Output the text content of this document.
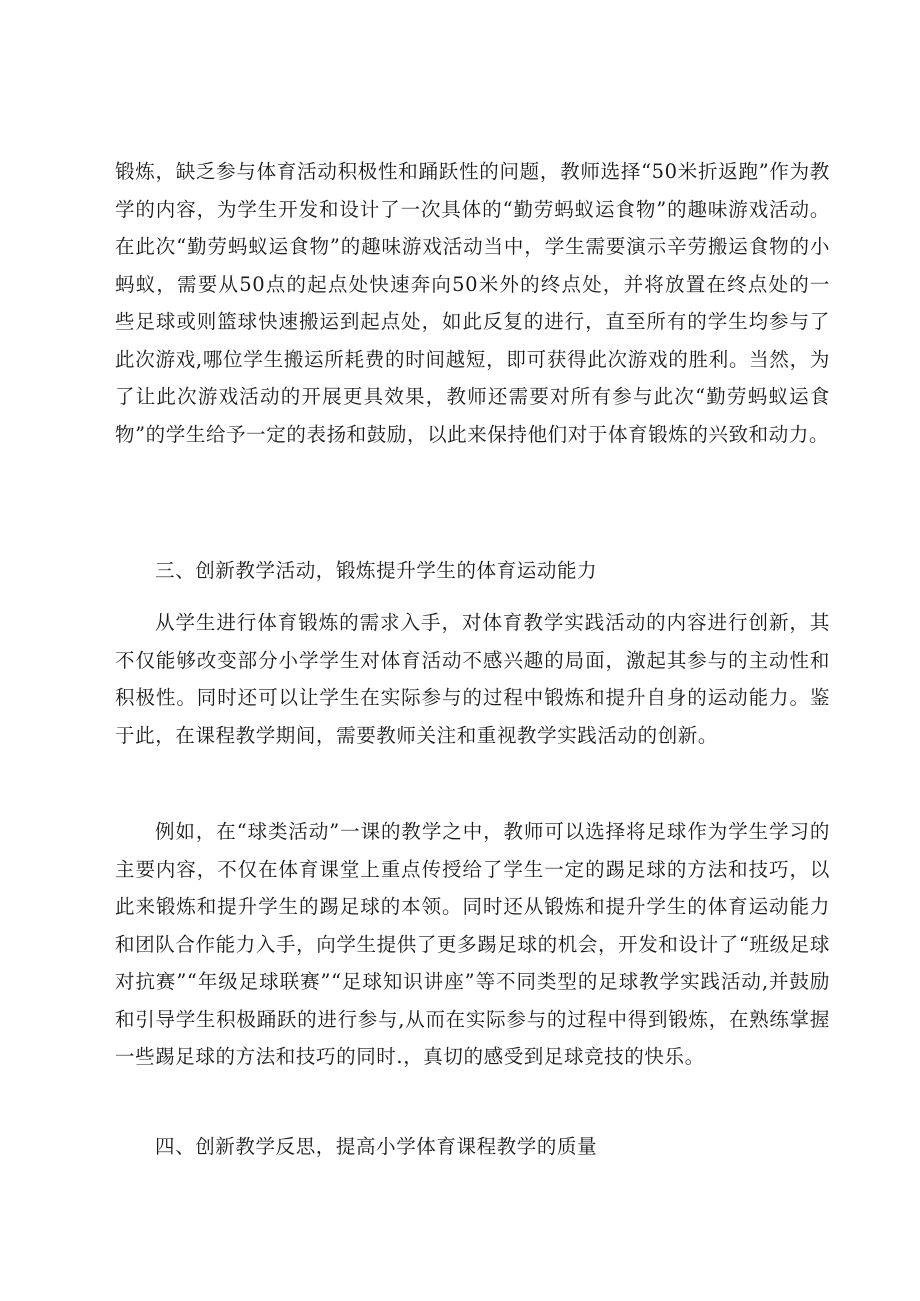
锻炼，缺乏参与体育活动积极性和踊跃性的问题，教师选择“50米折返跑”作为教学的内容，为学生开发和设计了一次具体的“勤劳蚂蚁运食物”的趣味游戏活动。在此次“勤劳蚂蚁运食物”的趣味游戏活动当中，学生需要演示辛劳搬运食物的小蚂蚁，需要从50点的起点处快速奔向50米外的终点处，并将放置在终点处的一些足球或则篮球快速搬运到起点处，如此反复的进行，直至所有的学生均参与了此次游戏,哪位学生搬运所耗费的时间越短，即可获得此次游戏的胜利。当然，为了让此次游戏活动的开展更具效果，教师还需要对所有参与此次“勤劳蚂蚁运食物”的学生给予一定的表扬和鼓励，以此来保持他们对于体育锻炼的兴致和动力。

三、创新教学活动，锻炼提升学生的体育运动能力

从学生进行体育锻炼的需求入手，对体育教学实践活动的内容进行创新，其不仅能够改变部分小学学生对体育活动不感兴趣的局面，激起其参与的主动性和积极性。同时还可以让学生在实际参与的过程中锻炼和提升自身的运动能力。鉴于此，在课程教学期间，需要教师关注和重视教学实践活动的创新。

例如，在“球类活动”一课的教学之中，教师可以选择将足球作为学生学习的主要内容，不仅在体育课堂上重点传授给了学生一定的踢足球的方法和技巧，以此来锻炼和提升学生的踢足球的本领。同时还从锻炼和提升学生的体育运动能力和团队合作能力入手，向学生提供了更多踢足球的机会，开发和设计了“班级足球对抗赛”“年级足球联赛”“足球知识讲座”等不同类型的足球教学实践活动,并鼓励和引导学生积极踊跃的进行参与,从而在实际参与的过程中得到锻炼，在熟练掌握一些踢足球的方法和技巧的同时.，真切的感受到足球竞技的快乐。

四、创新教学反思，提高小学体育课程教学的质量
